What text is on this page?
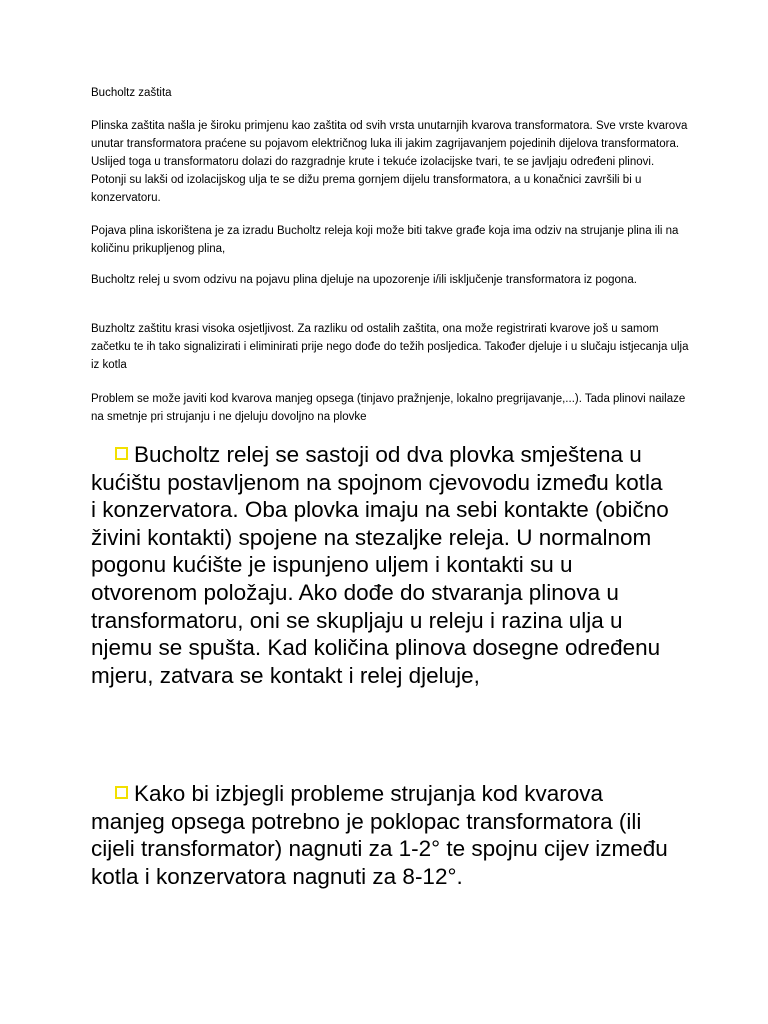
Bucholtz zaštita

Plinska zaštita našla je široku primjenu kao zaštita od svih vrsta unutarnjih kvarova transformatora. Sve vrste kvarova unutar transformatora praćene su pojavom električnog luka ili jakim zagrijavanjem pojedinih dijelova transformatora. Uslijed toga u transformatoru dolazi do razgradnje krute i tekuće izolacijske tvari, te se javljaju određeni plinovi. Potonji su lakši od izolacijskog ulja te se dižu prema gornjem dijelu transformatora, a u konačnici završili bi u konzervatoru.

Pojava plina iskorištena je za izradu Bucholtz releja koji može biti takve građe koja ima odziv na strujanje plina ili na količinu prikupljenog plina,

Bucholtz relej u svom odzivu na pojavu plina djeluje na upozorenje i/ili isključenje transformatora iz pogona.

Buzholtz zaštitu krasi visoka osjetljivost. Za razliku od ostalih zaštita, ona može registrirati kvarove još u samom začetku te ih tako signalizirati i eliminirati prije nego dođe do težih posljedica. Također djeluje i u slučaju istjecanja ulja iz kotla

Problem se može javiti kod kvarova manjeg opsega (tinjavo pražnjenje, lokalno pregrijavanje,...). Tada plinovi nailaze na smetnje pri strujanju i ne djeluju dovoljno na plovke

Bucholtz relej se sastoji od dva plovka smještena u kućištu postavljenom na spojnom cjevovodu između kotla i konzervatora. Oba plovka imaju na sebi kontakte (obično živini kontakti) spojene na stezaljke releja. U normalnom pogonu kućište je ispunjeno uljem i kontakti su u otvorenom položaju. Ako dođe do stvaranja plinova u transformatoru, oni se skupljaju u releju i razina ulja u njemu se spušta. Kad količina plinova dosegne određenu mjeru, zatvara se kontakt i relej djeluje,

Kako bi izbjegli probleme strujanja kod kvarova manjeg opsega potrebno je poklopac transformatora (ili cijeli transformator) nagnuti za 1-2° te spojnu cijev između kotla i konzervatora nagnuti za 8-12°.
